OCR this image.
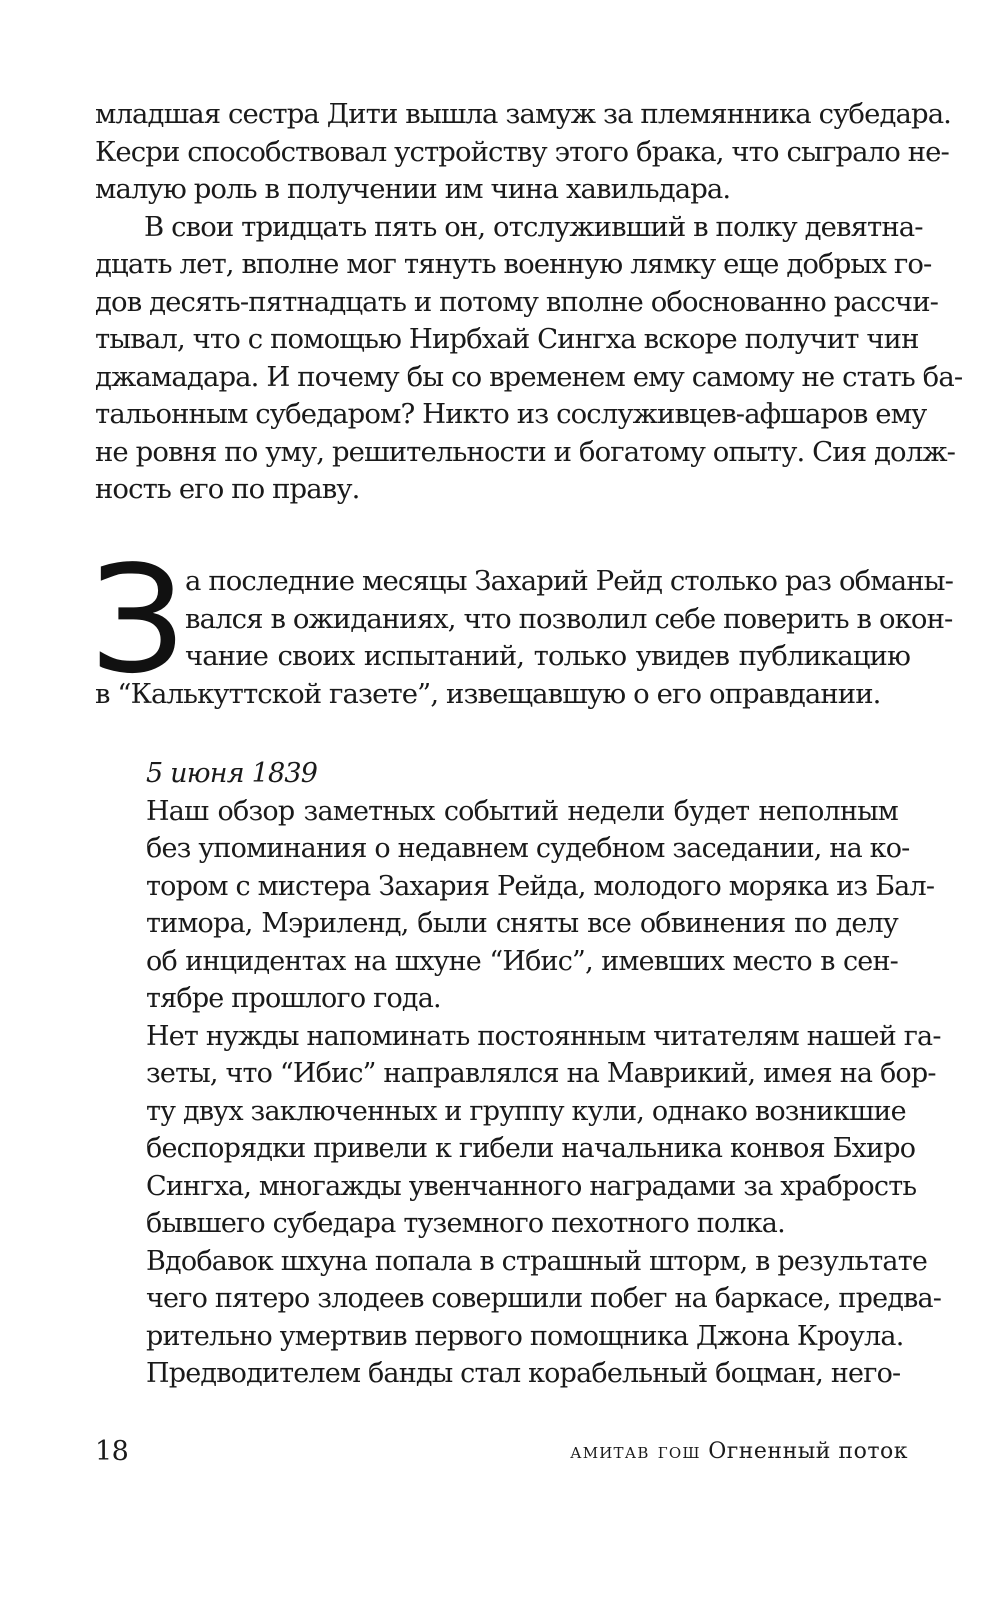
младшая сестра Дити вышла замуж за племянника субедара.
Кесри способствовал устройству этого брака, что сыграло не-
малую роль в получении им чина хавильдара.
В свои тридцать пять он, отслуживший в полку девятна-
дцать лет, вполне мог тянуть военную лямку еще добрых го-
дов десять-пятнадцать и потому вполне обоснованно рассчи-
тывал, что с помощью Нирбхай Сингха вскоре получит чин
джамадара. И почему бы со временем ему самому не стать ба-
тальонным субедаром? Никто из сослуживцев-афшаров ему
не ровня по уму, решительности и богатому опыту. Сия долж-
ность его по праву.
З а последние месяцы Захарий Рейд столько раз обманы-
вался в ожиданиях, что позволил себе поверить в окон-
чание своих испытаний, только увидев публикацию
в “Калькуттской газете”, извещавшую о его оправдании.
5 июня 1839
Наш обзор заметных событий недели будет неполным
без упоминания о недавнем судебном заседании, на ко-
тором с мистера Захария Рейда, молодого моряка из Бал-
тимора, Мэриленд, были сняты все обвинения по делу
об инцидентах на шхуне “Ибис”, имевших место в сен-
тябре прошлого года.
Нет нужды напоминать постоянным читателям нашей га-
зеты, что “Ибис” направлялся на Маврикий, имея на бор-
ту двух заключенных и группу кули, однако возникшие
беспорядки привели к гибели начальника конвоя Бхиро
Сингха, многажды увенчанного наградами за храбрость
бывшего субедара туземного пехотного полка.
Вдобавок шхуна попала в страшный шторм, в результате
чего пятеро злодеев совершили побег на баркасе, предва-
рительно умертвив первого помощника Джона Кроула.
Предводителем банды стал корабельный боцман, него-
18	амитав гош Огненный поток
